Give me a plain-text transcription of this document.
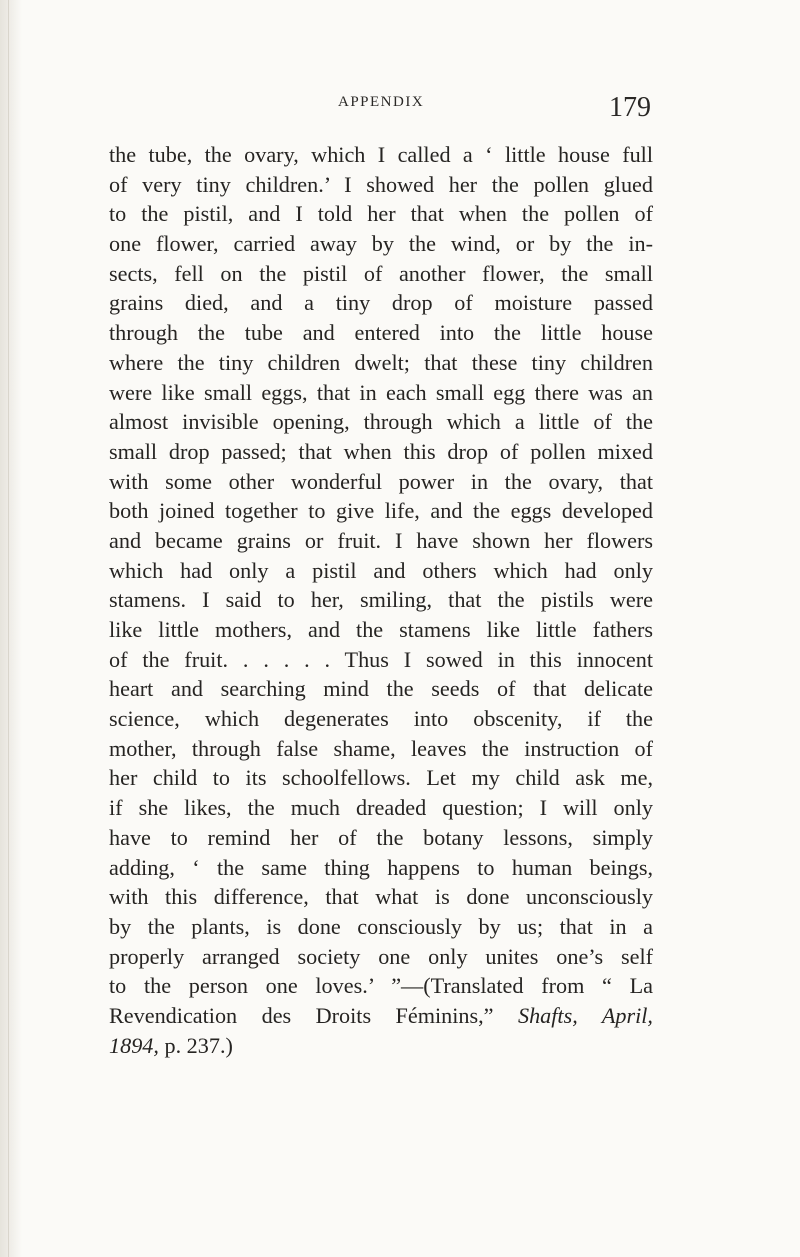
APPENDIX	179
the tube, the ovary, which I called a ‘ little house full
of very tiny children.’ I showed her the pollen glued
to the pistil, and I told her that when the pollen of
one flower, carried away by the wind, or by the in-
sects, fell on the pistil of another flower, the small
grains died, and a tiny drop of moisture passed
through the tube and entered into the little house
where the tiny children dwelt; that these tiny children
were like small eggs, that in each small egg there was an
almost invisible opening, through which a little of the
small drop passed; that when this drop of pollen mixed
with some other wonderful power in the ovary, that
both joined together to give life, and the eggs developed
and became grains or fruit. I have shown her flowers
which had only a pistil and others which had only
stamens. I said to her, smiling, that the pistils were
like little mothers, and the stamens like little fathers
of the fruit. . . . . . Thus I sowed in this innocent
heart and searching mind the seeds of that delicate
science, which degenerates into obscenity, if the
mother, through false shame, leaves the instruction of
her child to its schoolfellows. Let my child ask me,
if she likes, the much dreaded question; I will only
have to remind her of the botany lessons, simply
adding, ‘ the same thing happens to human beings,
with this difference, that what is done unconsciously
by the plants, is done consciously by us; that in a
properly arranged society one only unites one’s self
to the person one loves.’ ”—(Translated from “ La
Revendication des Droits Féminins,” Shafts, April,
1894, p. 237.)
